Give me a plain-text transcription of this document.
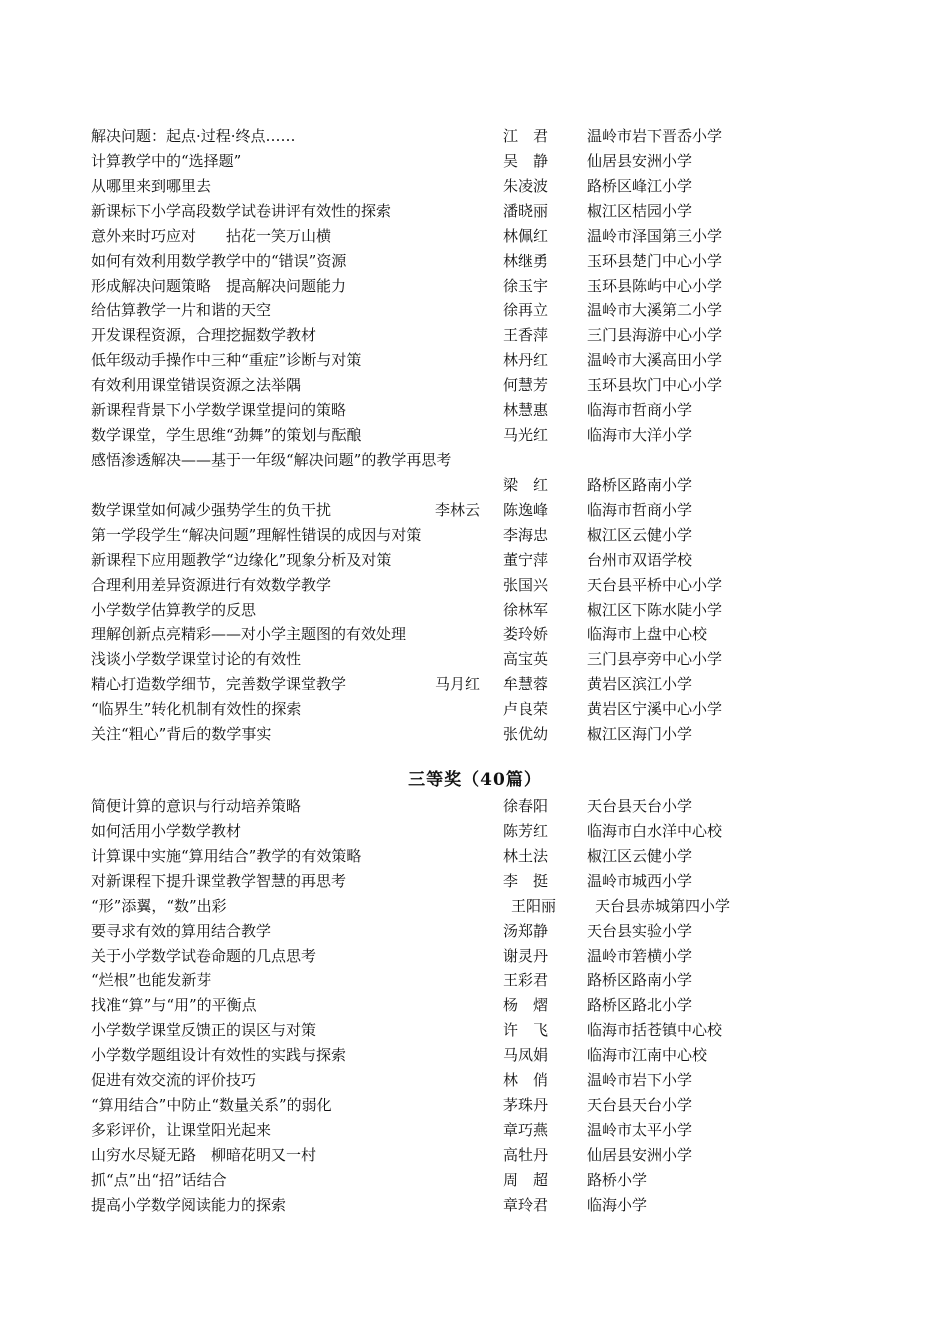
解决问题：起点·过程·终点……	江　君	温岭市岩下晋岙小学
计算教学中的“选择题”	吴　静	仙居县安洲小学
从哪里来到哪里去	朱凌波	路桥区峰江小学
新课标下小学高段数学试卷讲评有效性的探索	潘晓丽	椒江区桔园小学
意外来时巧应对　　拈花一笑万山横	林佩红	温岭市泽国第三小学
如何有效利用数学教学中的“错误”资源	林继勇	玉环县楚门中心小学
形成解决问题策略　提高解决问题能力	徐玉宇	玉环县陈屿中心小学
给估算教学一片和谐的天空	徐再立	温岭市大溪第二小学
开发课程资源，合理挖掘数学教材	王香萍	三门县海游中心小学
低年级动手操作中三种“重症”诊断与对策	林丹红	温岭市大溪高田小学
有效利用课堂错误资源之法举隅	何慧芳	玉环县坎门中心小学
新课程背景下小学数学课堂提问的策略	林慧惠	临海市哲商小学
数学课堂，学生思维“劲舞”的策划与酝酿	马光红	临海市大洋小学
感悟渗透解决——基于一年级“解决问题”的教学再思考
梁　红	路桥区路南小学
数学课堂如何减少强势学生的负干扰	李林云 陈逸峰	临海市哲商小学
第一学段学生“解决问题”理解性错误的成因与对策	李海忠	椒江区云健小学
新课程下应用题教学“边缘化”现象分析及对策	董宁萍	台州市双语学校
合理利用差异资源进行有效数学教学	张国兴	天台县平桥中心小学
小学数学估算教学的反思	徐林军	椒江区下陈水陡小学
理解创新点亮精彩——对小学主题图的有效处理	娄玲娇	临海市上盘中心校
浅谈小学数学课堂讨论的有效性	高宝英	三门县亭旁中心小学
精心打造数学细节，完善数学课堂教学	马月红 牟慧蓉	黄岩区滨江小学
“临界生”转化机制有效性的探索	卢良荣	黄岩区宁溪中心小学
关注“粗心”背后的数学事实	张优幼	椒江区海门小学
三等奖（40篇）
简便计算的意识与行动培养策略	徐春阳	天台县天台小学
如何活用小学数学教材	陈芳红	临海市白水洋中心校
计算课中实施“算用结合”教学的有效策略	林土法	椒江区云健小学
对新课程下提升课堂教学智慧的再思考	李　挺	温岭市城西小学
“形”添翼，“数”出彩	王阳丽	天台县赤城第四小学
要寻求有效的算用结合教学	汤郑静	天台县实验小学
关于小学数学试卷命题的几点思考	谢灵丹	温岭市箬横小学
“烂根”也能发新芽	王彩君	路桥区路南小学
找准“算”与“用”的平衡点	杨　熠	路桥区路北小学
小学数学课堂反馈正的误区与对策	许　飞	临海市括苍镇中心校
小学数学题组设计有效性的实践与探索	马凤娟	临海市江南中心校
促进有效交流的评价技巧	林　俏	温岭市岩下小学
“算用结合”中防止“数量关系”的弱化	茅珠丹	天台县天台小学
多彩评价，让课堂阳光起来	章巧燕	温岭市太平小学
山穷水尽疑无路　柳暗花明又一村	高牡丹	仙居县安洲小学
抓“点”出“招”话结合	周　超	路桥小学
提高小学数学阅读能力的探索	章玲君	临海小学
